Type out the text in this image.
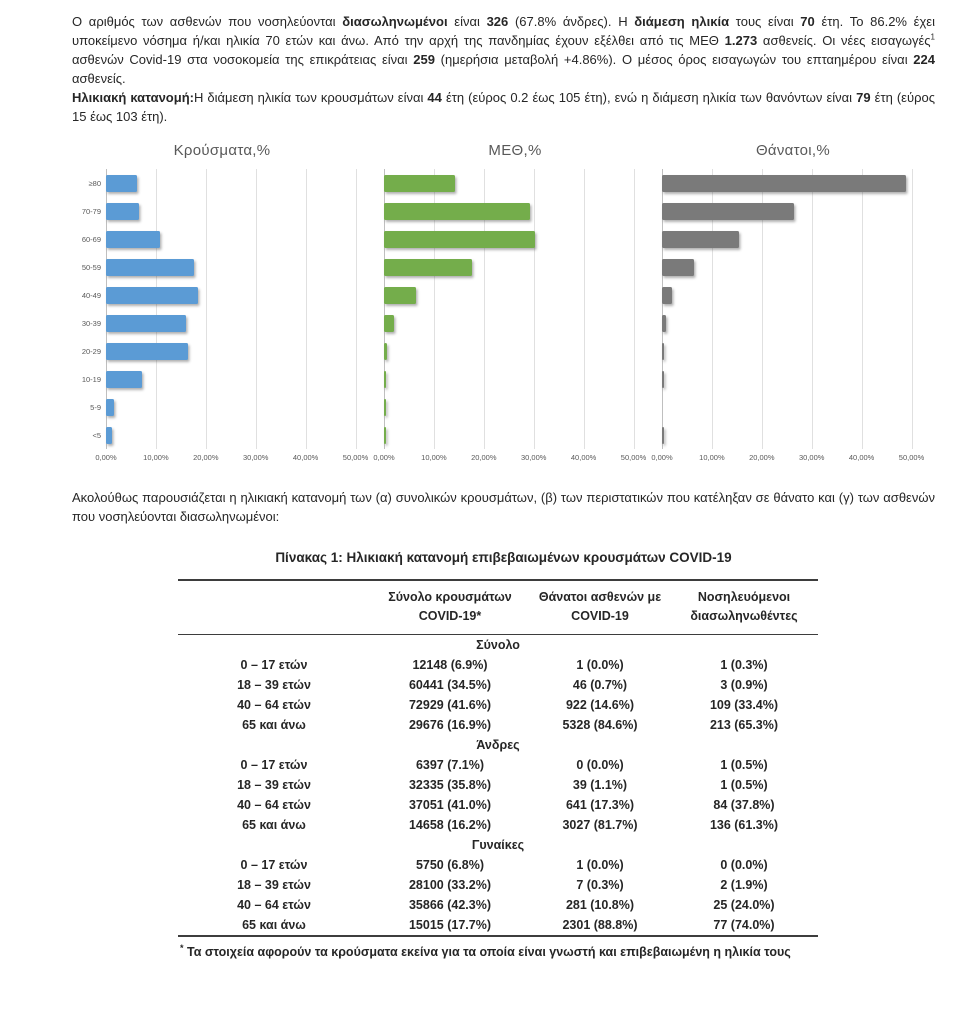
Ο αριθμός των ασθενών που νοσηλεύονται διασωληνωμένοι είναι 326 (67.8% άνδρες). Η διάμεση ηλικία τους είναι 70 έτη. Το 86.2% έχει υποκείμενο νόσημα ή/και ηλικία 70 ετών και άνω. Από την αρχή της πανδημίας έχουν εξέλθει από τις ΜΕΘ 1.273 ασθενείς. Οι νέες εισαγωγές$^1$ ασθενών Covid-19 στα νοσοκομεία της επικράτειας είναι 259 (ημερήσια μεταβολή +4.86%). Ο μέσος όρος εισαγωγών του επταημέρου είναι 224 ασθενείς.

Ηλικιακή κατανομή:Η διάμεση ηλικία των κρουσμάτων είναι 44 έτη (εύρος 0.2 έως 105 έτη), ενώ η διάμεση ηλικία των θανόντων είναι 79 έτη (εύρος 15 έως 103 έτη).

Κρούσματα,%
≥80
70-79
60-69
50-59
40-49
30-39
20-29
10-19
5-9
<5
0,00%	10,00%	20,00%	30,00%	40,00%	50,00%
ΜΕΘ,%
0,00%	10,00%	20,00%	30,00%	40,00%	50,00%
Θάνατοι,%
0,00%	10,00%	20,00%	30,00%	40,00%	50,00%

Ακολούθως παρουσιάζεται η ηλικιακή κατανομή των (α) συνολικών κρουσμάτων, (β) των περιστατικών που κατέληξαν σε θάνατο και (γ) των ασθενών που νοσηλεύονται διασωληνωμένοι:

Πίνακας 1: Ηλικιακή κατανομή επιβεβαιωμένων κρουσμάτων COVID-19

Σύνολο κρουσμάτων
COVID-19*

Θάνατοι ασθενών με
COVID-19

Νοσηλευόμενοι
διασωληνωθέντες

Σύνολο			
0 – 17 ετών	12148 (6.9%)	1 (0.0%)	1 (0.3%)
18 – 39 ετών	60441 (34.5%)	46 (0.7%)	3 (0.9%)
40 – 64 ετών	72929 (41.6%)	922 (14.6%)	109 (33.4%)
65 και άνω	29676 (16.9%)	5328 (84.6%)	213 (65.3%)
Άνδρες			
0 – 17 ετών	6397 (7.1%)	0 (0.0%)	1 (0.5%)
18 – 39 ετών	32335 (35.8%)	39 (1.1%)	1 (0.5%)
40 – 64 ετών	37051 (41.0%)	641 (17.3%)	84 (37.8%)
65 και άνω	14658 (16.2%)	3027 (81.7%)	136 (61.3%)
Γυναίκες			
0 – 17 ετών	5750 (6.8%)	1 (0.0%)	0 (0.0%)
18 – 39 ετών	28100 (33.2%)	7 (0.3%)	2 (1.9%)
40 – 64 ετών	35866 (42.3%)	281 (10.8%)	25 (24.0%)
65 και άνω	15015 (17.7%)	2301 (88.8%)	77 (74.0%)

* Τα στοιχεία αφορούν τα κρούσματα εκείνα για τα οποία είναι γνωστή και επιβεβαιωμένη η ηλικία τους
